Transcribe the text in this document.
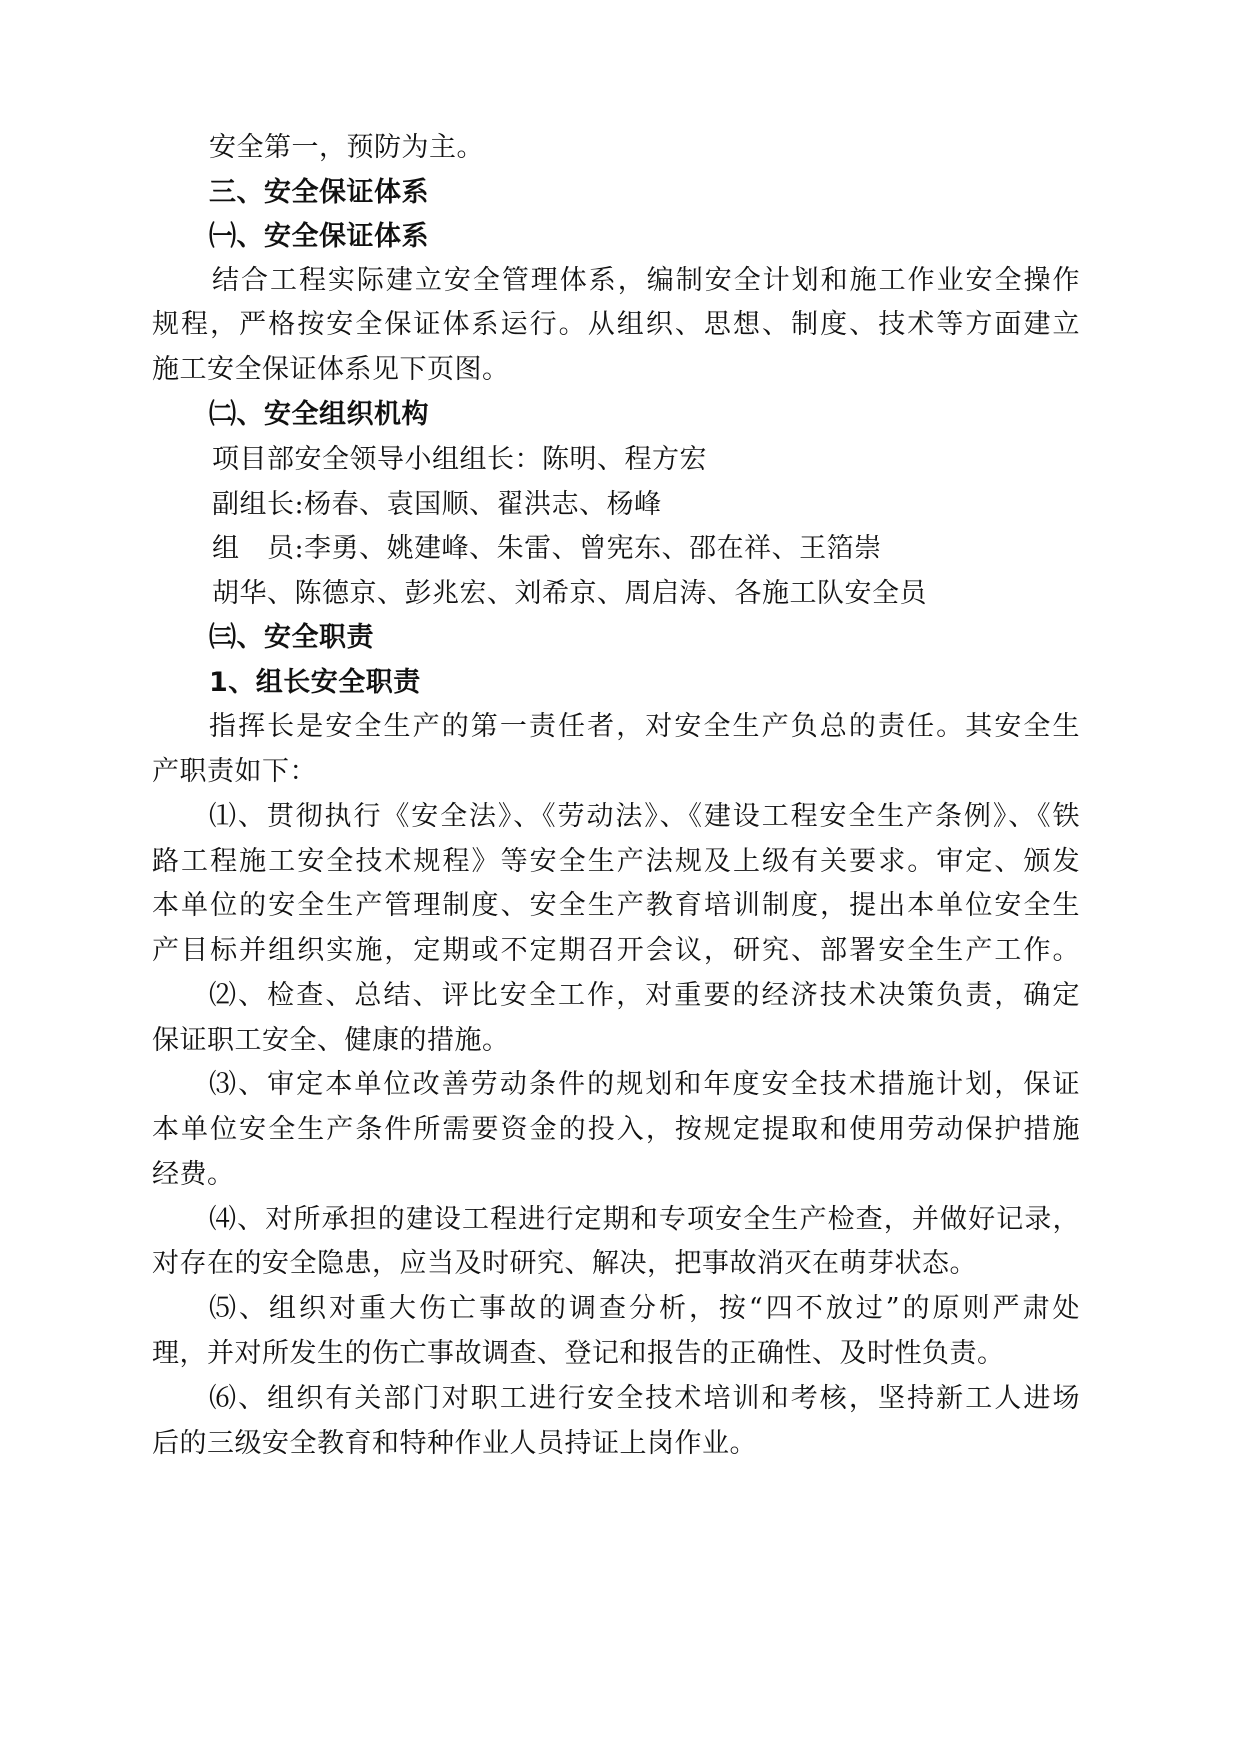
安全第一，预防为主。
三、安全保证体系
㈠、安全保证体系
结合工程实际建立安全管理体系，编制安全计划和施工作业安全操作
规程，严格按安全保证体系运行。从组织、思想、制度、技术等方面建立
施工安全保证体系见下页图。
㈡、安全组织机构
项目部安全领导小组组长：陈明、程方宏
副组长:杨春、袁国顺、翟洪志、杨峰
组　员:李勇、姚建峰、朱雷、曾宪东、邵在祥、王箔崇
胡华、陈德京、彭兆宏、刘希京、周启涛、各施工队安全员
㈢、安全职责
1、组长安全职责
指挥长是安全生产的第一责任者，对安全生产负总的责任。其安全生
产职责如下：
⑴、贯彻执行《安全法》、《劳动法》、《建设工程安全生产条例》、《铁
路工程施工安全技术规程》等安全生产法规及上级有关要求。审定、颁发
本单位的安全生产管理制度、安全生产教育培训制度，提出本单位安全生
产目标并组织实施，定期或不定期召开会议，研究、部署安全生产工作。
⑵、检查、总结、评比安全工作，对重要的经济技术决策负责，确定
保证职工安全、健康的措施。
⑶、审定本单位改善劳动条件的规划和年度安全技术措施计划，保证
本单位安全生产条件所需要资金的投入，按规定提取和使用劳动保护措施
经费。
⑷、对所承担的建设工程进行定期和专项安全生产检查，并做好记录，
对存在的安全隐患，应当及时研究、解决，把事故消灭在萌芽状态。
⑸、组织对重大伤亡事故的调查分析，按“四不放过”的原则严肃处
理，并对所发生的伤亡事故调查、登记和报告的正确性、及时性负责。
⑹、组织有关部门对职工进行安全技术培训和考核，坚持新工人进场
后的三级安全教育和特种作业人员持证上岗作业。
